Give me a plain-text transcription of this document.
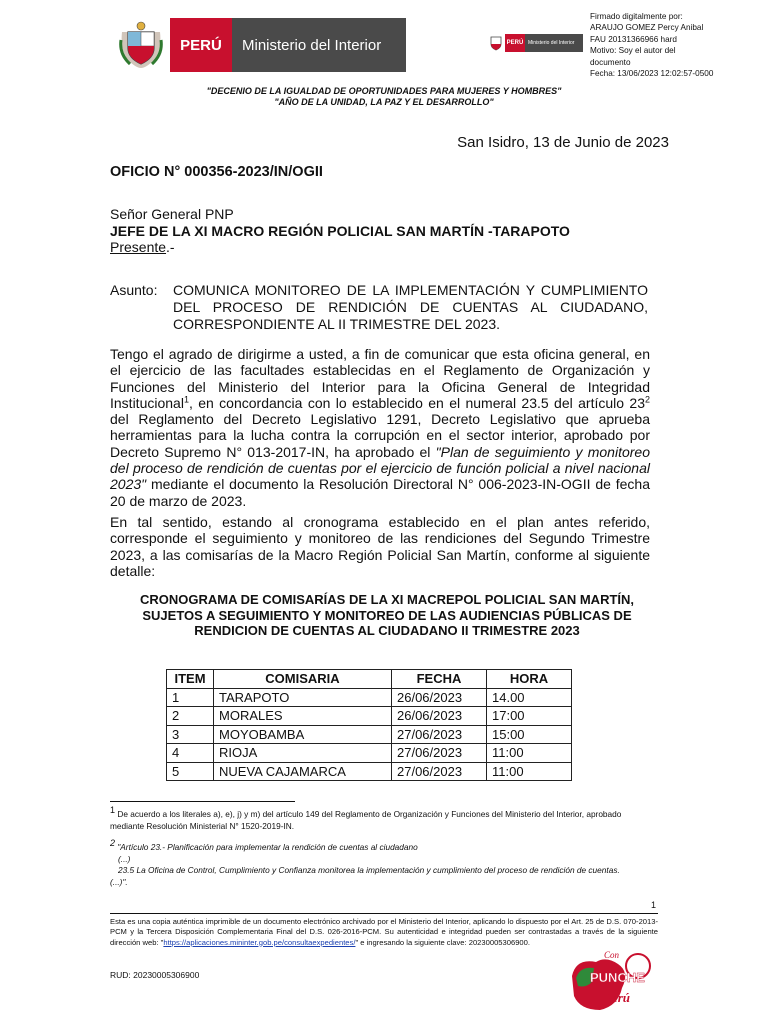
PERÚ	Ministerio del Interior	PERÚ Ministerio del Interior
Firmado digitalmente por:
ARAUJO GOMEZ Percy Anibal
FAU 20131366966 hard
Motivo: Soy el autor del
documento
Fecha: 13/06/2023 12:02:57-0500
"DECENIO DE LA IGUALDAD DE OPORTUNIDADES PARA MUJERES Y HOMBRES"
"AÑO DE LA UNIDAD, LA PAZ Y EL DESARROLLO"
San Isidro, 13 de Junio de 2023
OFICIO N° 000356-2023/IN/OGII
Señor General PNP
JEFE DE LA XI MACRO REGIÓN POLICIAL SAN MARTÍN -TARAPOTO
Presente.-
Asunto: COMUNICA MONITOREO DE LA IMPLEMENTACIÓN Y CUMPLIMIENTO DEL PROCESO DE RENDICIÓN DE CUENTAS AL CIUDADANO, CORRESPONDIENTE AL II TRIMESTRE DEL 2023.
Tengo el agrado de dirigirme a usted, a fin de comunicar que esta oficina general, en el ejercicio de las facultades establecidas en el Reglamento de Organización y Funciones del Ministerio del Interior para la Oficina General de Integridad Institucional$^1$, en concordancia con lo establecido en el numeral 23.5 del artículo $23^2$ del Reglamento del Decreto Legislativo 1291, Decreto Legislativo que aprueba herramientas para la lucha contra la corrupción en el sector interior, aprobado por Decreto Supremo N° 013-2017-IN, ha aprobado el "Plan de seguimiento y monitoreo del proceso de rendición de cuentas por el ejercicio de función policial a nivel nacional 2023" mediante el documento la Resolución Directoral N° 006-2023-IN-OGII de fecha 20 de marzo de 2023.
En tal sentido, estando al cronograma establecido en el plan antes referido, corresponde el seguimiento y monitoreo de las rendiciones del Segundo Trimestre 2023, a las comisarías de la Macro Región Policial San Martín, conforme al siguiente detalle:
CRONOGRAMA DE COMISARÍAS DE LA XI MACREPOL POLICIAL SAN MARTÍN, SUJETOS A SEGUIMIENTO Y MONITOREO DE LAS AUDIENCIAS PÚBLICAS DE RENDICION DE CUENTAS AL CIUDADANO II TRIMESTRE 2023
ITEM	COMISARIA	FECHA	HORA
1	TARAPOTO	26/06/2023	14.00
2	MORALES	26/06/2023	17:00
3	MOYOBAMBA	27/06/2023	15:00
4	RIOJA	27/06/2023	11:00
5	NUEVA CAJAMARCA	27/06/2023	11:00
$^1$ De acuerdo a los literales a), e), j) y m) del artículo 149 del Reglamento de Organización y Funciones del Ministerio del Interior, aprobado mediante Resolución Ministerial N° 1520-2019-IN.
$^2$ "Artículo 23.- Planificación para implementar la rendición de cuentas al ciudadano
(...)
23.5 La Oficina de Control, Cumplimiento y Confianza monitorea la implementación y cumplimiento del proceso de rendición de cuentas.
(...)".
1
Esta es una copia auténtica imprimible de un documento electrónico archivado por el Ministerio del Interior, aplicando lo dispuesto por el Art. 25 de D.S. 070-2013-PCM y la Tercera Disposición Complementaria Final del D.S. 026-2016-PCM. Su autenticidad e integridad pueden ser contrastadas a través de la siguiente dirección web: "https://aplicaciones.mininter.gob.pe/consultaexpedientes/" e ingresando la siguiente clave: 20230005306900.
RUD: 20230005306900
Con
PUNCHE
Perú
